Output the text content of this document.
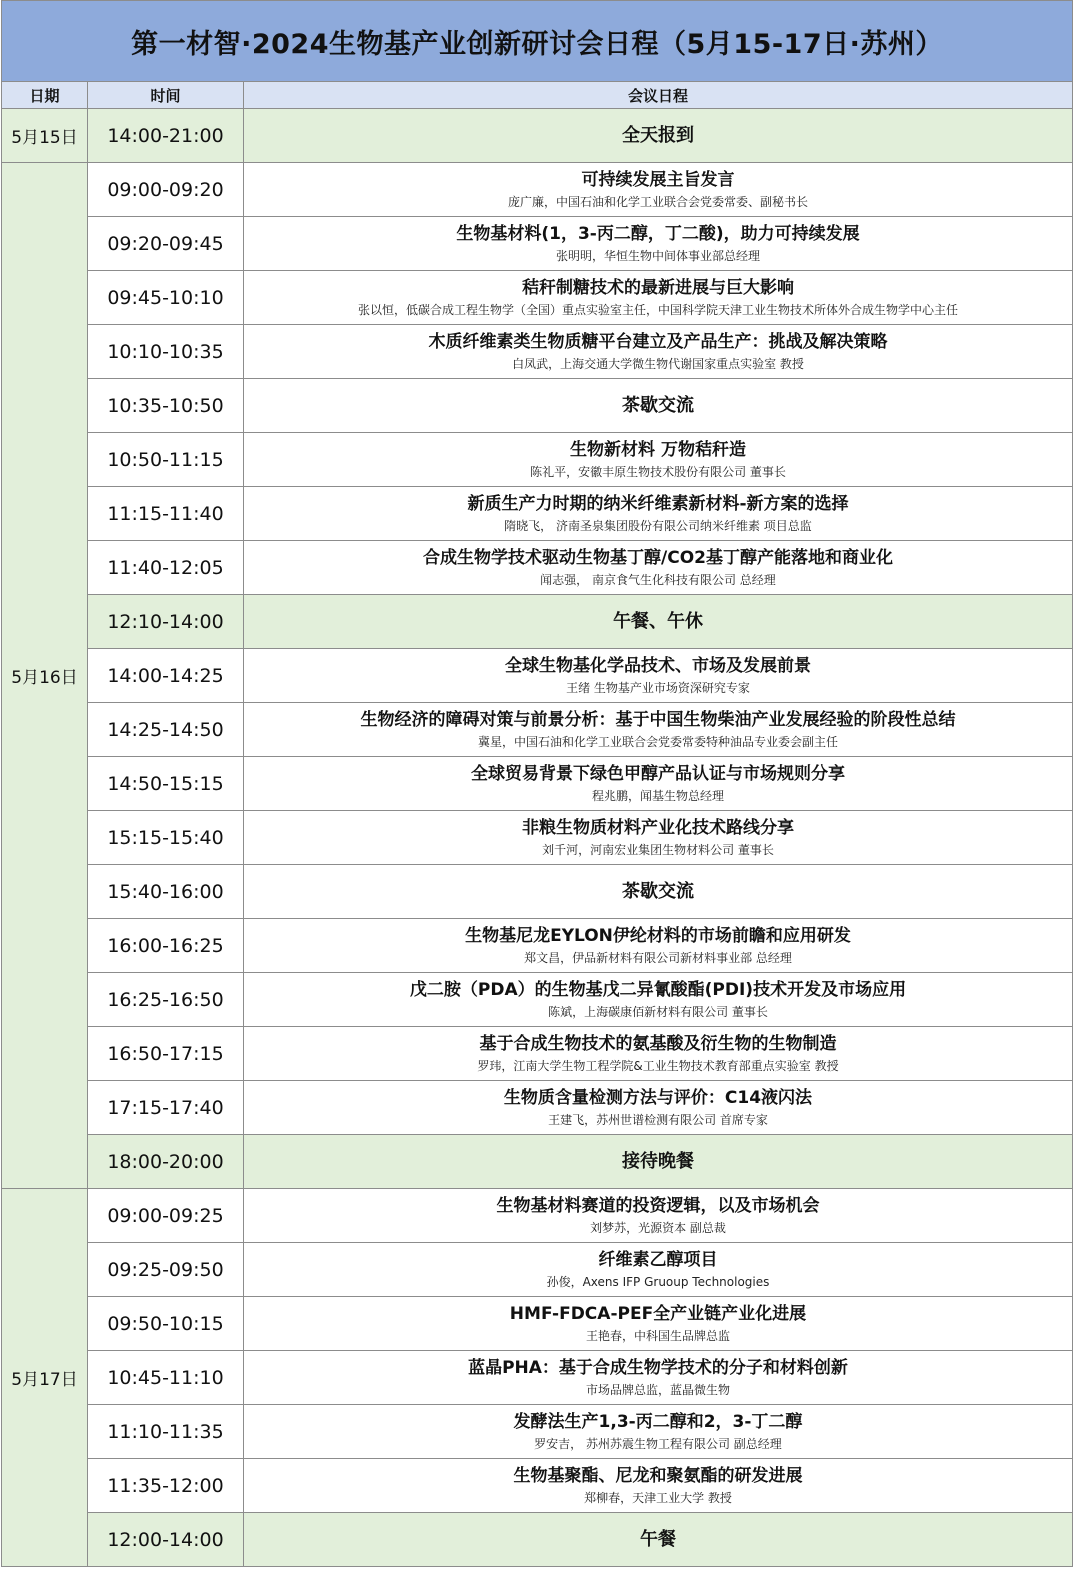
第一材智·2024生物基产业创新研讨会日程（5月15-17日·苏州）		
日期	时间	会议日程
5月15日	14:00-21:00	全天报到

5月16日	09:00-09:20	可持续发展主旨发言
庞广廉，中国石油和化学工业联合会党委常委、副秘书长

	09:20-09:45	生物基材料(1，3-丙二醇，丁二酸)，助力可持续发展
张明明，华恒生物中间体事业部总经理

	09:45-10:10	秸秆制糖技术的最新进展与巨大影响
张以恒，低碳合成工程生物学（全国）重点实验室主任，中国科学院天津工业生物技术所体外合成生物学中心主任

	10:10-10:35	木质纤维素类生物质糖平台建立及产品生产：挑战及解决策略
白凤武，上海交通大学微生物代谢国家重点实验室 教授

	10:35-10:50	茶歇交流

	10:50-11:15	生物新材料 万物秸秆造
陈礼平，安徽丰原生物技术股份有限公司 董事长

	11:15-11:40	新质生产力时期的纳米纤维素新材料-新方案的选择
隋晓飞， 济南圣泉集团股份有限公司纳米纤维素 项目总监

	11:40-12:05	合成生物学技术驱动生物基丁醇/CO2基丁醇产能落地和商业化
闻志强， 南京食气生化科技有限公司 总经理

	12:10-14:00	午餐、午休

	14:00-14:25	全球生物基化学品技术、市场及发展前景
王绪 生物基产业市场资深研究专家

	14:25-14:50	生物经济的障碍对策与前景分析：基于中国生物柴油产业发展经验的阶段性总结
冀星，中国石油和化学工业联合会党委常委特种油品专业委会副主任

	14:50-15:15	全球贸易背景下绿色甲醇产品认证与市场规则分享
程兆鹏，闻基生物总经理

	15:15-15:40	非粮生物质材料产业化技术路线分享
刘千河，河南宏业集团生物材料公司 董事长

	15:40-16:00	茶歇交流

	16:00-16:25	生物基尼龙EYLON伊纶材料的市场前瞻和应用研发
郑文昌，伊品新材料有限公司新材料事业部 总经理

	16:25-16:50	戊二胺（PDA）的生物基戊二异氰酸酯(PDI)技术开发及市场应用
陈斌，上海碳康佰新材料有限公司 董事长

	16:50-17:15	基于合成生物技术的氨基酸及衍生物的生物制造
罗玮，江南大学生物工程学院&工业生物技术教育部重点实验室 教授

	17:15-17:40	生物质含量检测方法与评价：C14液闪法
王建飞，苏州世谱检测有限公司 首席专家

	18:00-20:00	接待晚餐

5月17日	09:00-09:25	生物基材料赛道的投资逻辑，以及市场机会
刘梦苏，光源资本 副总裁

	09:25-09:50	纤维素乙醇项目
孙俊，Axens IFP Gruoup Technologies

	09:50-10:15	HMF-FDCA-PEF全产业链产业化进展
王艳春，中科国生品牌总监

	10:45-11:10	蓝晶PHA：基于合成生物学技术的分子和材料创新
市场品牌总监，蓝晶微生物

	11:10-11:35	发酵法生产1,3-丙二醇和2，3-丁二醇
罗安吉， 苏州苏震生物工程有限公司 副总经理

	11:35-12:00	生物基聚酯、尼龙和聚氨酯的研发进展
郑柳春，天津工业大学 教授

	12:00-14:00	午餐
